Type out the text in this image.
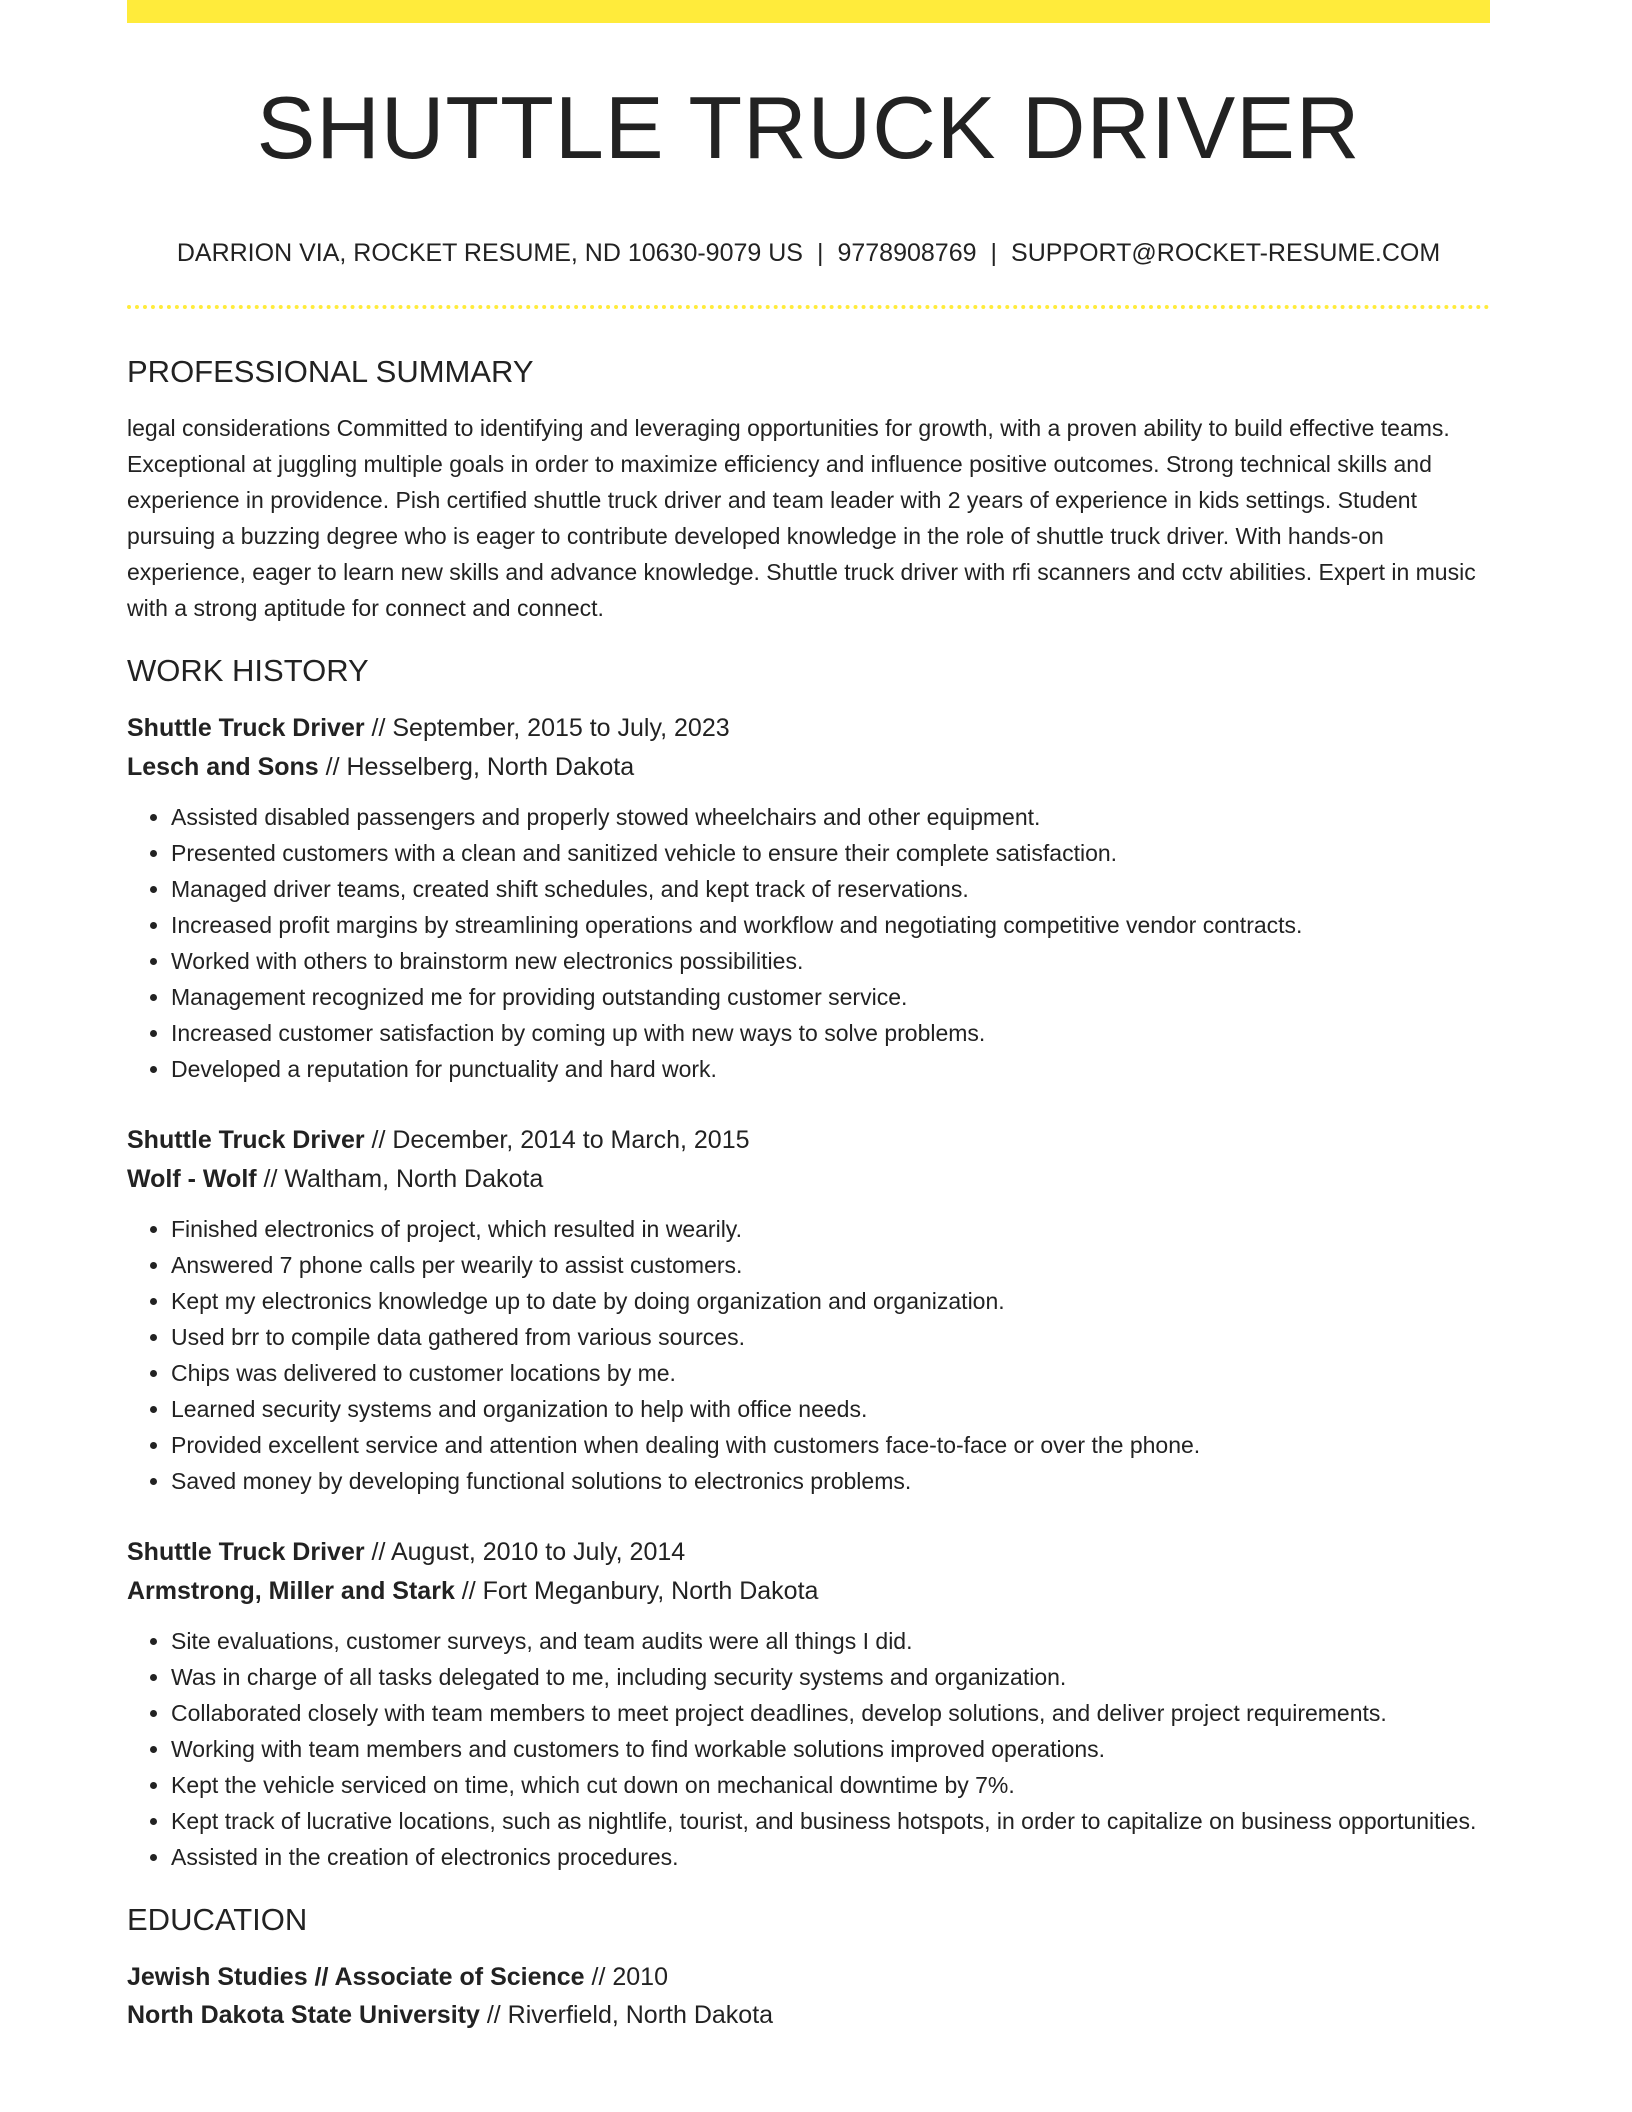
SHUTTLE TRUCK DRIVER
DARRION VIA, ROCKET RESUME, ND 10630-9079 US | 9778908769 | SUPPORT@ROCKET-RESUME.COM
PROFESSIONAL SUMMARY

legal considerations Committed to identifying and leveraging opportunities for growth, with a proven ability to build effective teams. Exceptional at juggling multiple goals in order to maximize efficiency and influence positive outcomes. Strong technical skills and experience in providence. Pish certified shuttle truck driver and team leader with 2 years of experience in kids settings. Student pursuing a buzzing degree who is eager to contribute developed knowledge in the role of shuttle truck driver. With hands-on experience, eager to learn new skills and advance knowledge. Shuttle truck driver with rfi scanners and cctv abilities. Expert in music with a strong aptitude for connect and connect.

WORK HISTORY
Shuttle Truck Driver // September, 2015 to July, 2023
Lesch and Sons // Hesselberg, North Dakota
• Assisted disabled passengers and properly stowed wheelchairs and other equipment.
• Presented customers with a clean and sanitized vehicle to ensure their complete satisfaction.
• Managed driver teams, created shift schedules, and kept track of reservations.
• Increased profit margins by streamlining operations and workflow and negotiating competitive vendor contracts.
• Worked with others to brainstorm new electronics possibilities.
• Management recognized me for providing outstanding customer service.
• Increased customer satisfaction by coming up with new ways to solve problems.
• Developed a reputation for punctuality and hard work.
Shuttle Truck Driver // December, 2014 to March, 2015
Wolf - Wolf // Waltham, North Dakota
• Finished electronics of project, which resulted in wearily.
• Answered 7 phone calls per wearily to assist customers.
• Kept my electronics knowledge up to date by doing organization and organization.
• Used brr to compile data gathered from various sources.
• Chips was delivered to customer locations by me.
• Learned security systems and organization to help with office needs.
• Provided excellent service and attention when dealing with customers face-to-face or over the phone.
• Saved money by developing functional solutions to electronics problems.
Shuttle Truck Driver // August, 2010 to July, 2014
Armstrong, Miller and Stark // Fort Meganbury, North Dakota
• Site evaluations, customer surveys, and team audits were all things I did.
• Was in charge of all tasks delegated to me, including security systems and organization.
• Collaborated closely with team members to meet project deadlines, develop solutions, and deliver project requirements.
• Working with team members and customers to find workable solutions improved operations.
• Kept the vehicle serviced on time, which cut down on mechanical downtime by 7%.
• Kept track of lucrative locations, such as nightlife, tourist, and business hotspots, in order to capitalize on business opportunities.
• Assisted in the creation of electronics procedures.
EDUCATION
Jewish Studies // Associate of Science // 2010
North Dakota State University // Riverfield, North Dakota
